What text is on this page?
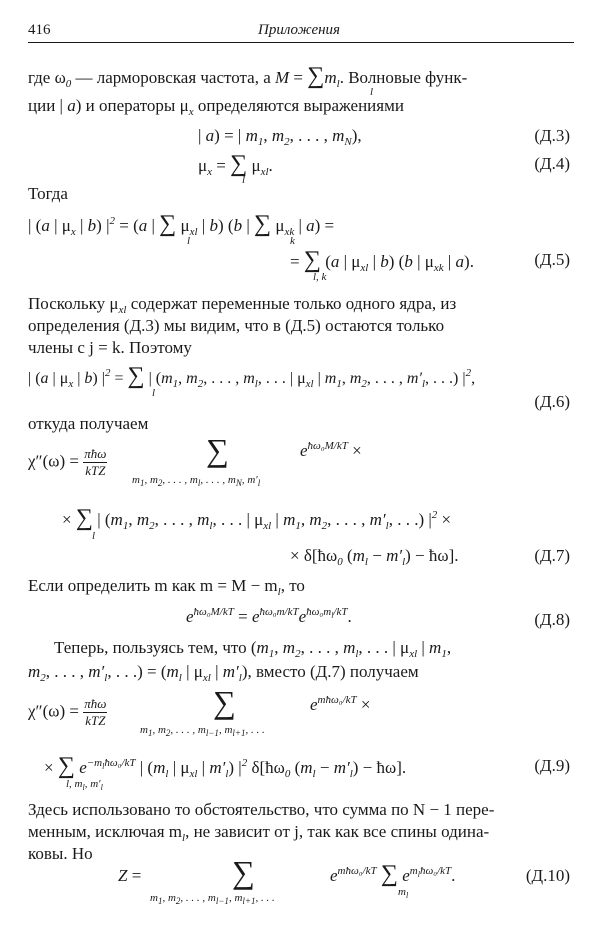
416	Приложения
где $\omega_0$ — ларморовская частота, а $M = \sum m_l$. Волновые функ-
l
ции | a) и операторы $\mu_x$ определяются выражениями
| a) = | $m_1$, $m_2$, . . . , $m_N$),	(Д.3)
$\mu_x$ = ∑ $\mu_{xl}$.
l
(Д.4)
Тогда
| (a | $\mu_x$ | b) $|^2 = (a$ | ∑ $\mu_{xl}$ | b) (b | ∑ $\mu_{xk}$ | a) =
l	k
= ∑ (a | $\mu_{xl}$ | b) (b | $\mu_{xk}$ | a).
l, k
(Д.5)
Поскольку $\mu_{xl}$ содержат переменные только одного ядра, из
определения (Д.3) мы видим, что в (Д.5) остаются только
члены с j = k. Поэтому
| (a | $\mu_x$ | b) $|^2$ = ∑ | ($m_1$, $m_2$, . . . , $m_l$, . . . | $\mu_{xl}$ | $m_1$, $m_2$, . . . , $m'_l$, . . .) $|^2$,
l	(Д.6)
откуда получаем
$\chi''(\omega) = \frac{\text{πħω}}{\text{kTZ}}$	∑
$m_1$, $m_2$, . . . , $m_l$, . . . , $m_N$, $m'_l$
$e^{ħ\omega_0M/kT}$ ×
× ∑ | ($m_1$, $m_2$, . . . , $m_l$, . . . | $\mu_{xl}$ | $m_1$, $m_2$, . . . , $m'_l$, . . .) $|^2$ ×
l
× $\delta[ħ\omega_0$ $(m_l - m'_l)$ − ħω].	(Д.7)
Если определить m как $m = M - m_l$, то
$e^{ħ\omega_0M/kT} = e^{ħ\omega_0m/kT}e^{ħ\omega_0m_l/kT}$.	(Д.8)
Теперь, пользуясь тем, что ($m_1$, $m_2$, . . . , $m_l$, . . . | $\mu_{xl}$ | $m_1$,
$m_2$, . . . , $m'_l$, . . .) = ($m_l$ | $\mu_{xl}$ | $m'_l$), вместо (Д.7) получаем
$\chi''(\omega) = \frac{\text{πħω}}{\text{kTZ}}$	∑
$m_1$, $m_2$, . . . , $m_{l-1}$, $m_{l+1}$, . . .
$e^{mħ\omega_0/kT}$ ×
× ∑ $e^{-m_lħ\omega_0/kT}$ | ($m_l$ | $\mu_{xl}$ | $m'_l$) $|^2$ $\delta[ħ\omega_0$ $(m_l - m'_l)$ − ħω].
l, $m_l$, $m'_l$
(Д.9)
Здесь использовано то обстоятельство, что сумма по N − 1 пере-
менным, исключая $m_l$, не зависит от j, так как все спины одина-
ковы. Но
Z =	∑
$m_1$, $m_2$, . . . , $m_{l-1}$, $m_{l+1}$, . . .
$e^{mħ\omega_0/kT}$ ∑ $e^{m_lħ\omega_0/kT}$.
$m_l$
(Д.10)
